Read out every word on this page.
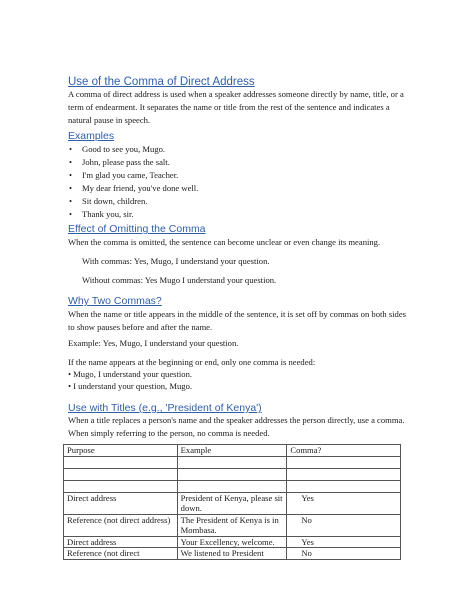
Use of the Comma of Direct Address
A comma of direct address is used when a speaker addresses someone directly by name, title, or a term of endearment. It separates the name or title from the rest of the sentence and indicates a natural pause in speech.
Examples
• Good to see you, Mugo.
• John, please pass the salt.
• I'm glad you came, Teacher.
• My dear friend, you've done well.
• Sit down, children.
• Thank you, sir.
Effect of Omitting the Comma
When the comma is omitted, the sentence can become unclear or even change its meaning.
With commas: Yes, Mugo, I understand your question.
Without commas: Yes Mugo I understand your question.
Why Two Commas?
When the name or title appears in the middle of the sentence, it is set off by commas on both sides to show pauses before and after the name.
Example: Yes, Mugo, I understand your question.
If the name appears at the beginning or end, only one comma is needed:
• Mugo, I understand your question.
• I understand your question, Mugo.
Use with Titles (e.g., 'President of Kenya')
When a title replaces a person's name and the speaker addresses the person directly, use a comma. When simply referring to the person, no comma is needed.
Purpose	Example	Comma?

Direct address	President of Kenya, please sit down.	Yes
Reference (not direct address)	The President of Kenya is in Mombasa.	No
Direct address	Your Excellency, welcome.	Yes
Reference (not direct	We listened to President	No
